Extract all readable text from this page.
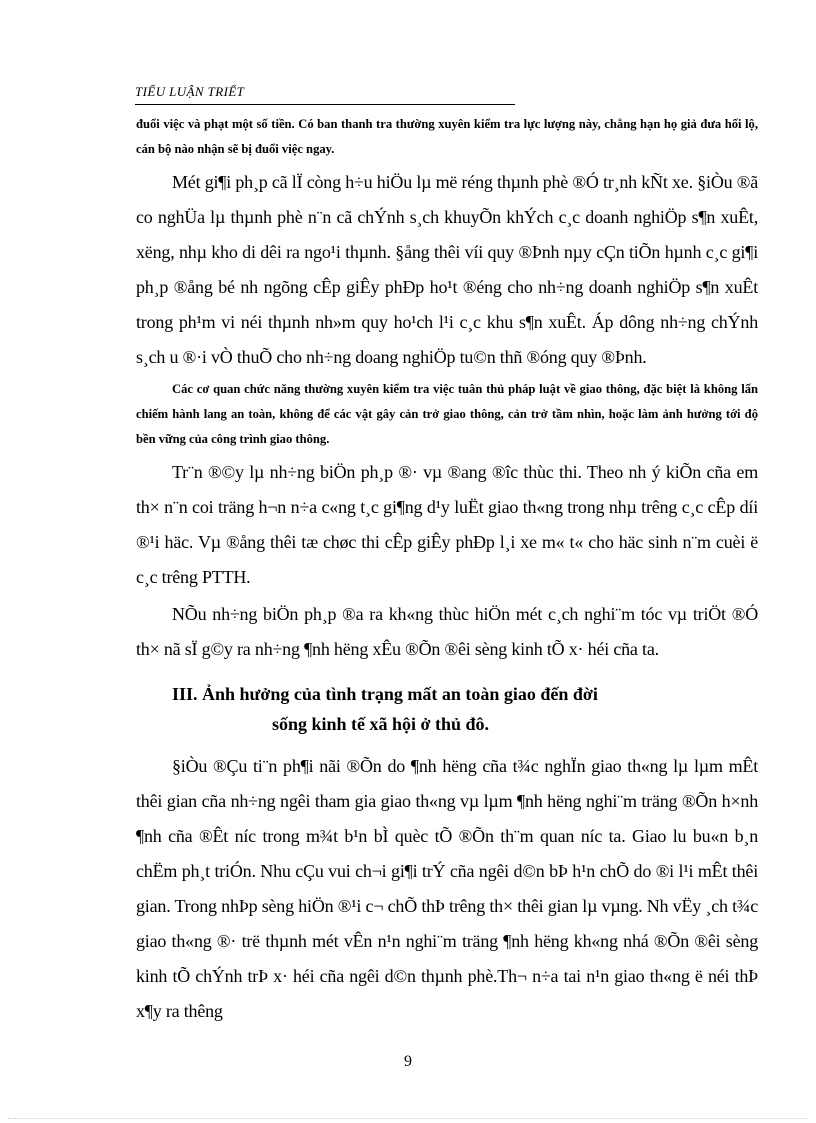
TIỂU LUẬN TRIẾT

đuổi việc và phạt một số tiền. Có ban thanh tra thường xuyên kiểm tra lực lượng này, chẳng hạn họ giả đưa hối lộ, cán bộ nào nhận sẽ bị đuổi việc ngay.

Mét gi¶i ph¸p cã lÏ còng h÷u hiÖu lµ më réng thµnh phè ®Ó tr¸nh kÑt xe. §iÒu ®ã co nghÜa lµ thµnh phè n¨n cã chÝnh s¸ch khuyÕn khÝch c¸c doanh nghiÖp s¶n xuÊt, xëng, nhµ kho di dêi ra ngo¹i thµnh. §ång thêi víi quy ®Þnh nµy cÇn tiÕn hµnh c¸c gi¶i ph¸p ®ång bé nh ngõng cÊp giÊy phÐp ho¹t ®éng cho nh÷ng doanh nghiÖp s¶n xuÊt trong ph¹m vi néi thµnh nh»m quy ho¹ch l¹i c¸c khu s¶n xuÊt. Áp dông nh÷ng chÝnh s¸ch u ®·i vÒ thuÕ cho nh÷ng doang nghiÖp tu©n thñ ®óng quy ®Þnh.

Các cơ quan chức năng thường xuyên kiểm tra việc tuân thủ pháp luật về giao thông, đặc biệt là không lấn chiếm hành lang an toàn, không để các vật gây cản trở giao thông, cản trở tầm nhìn, hoặc làm ảnh hưởng tới độ bền vững của công trình giao thông.

Tr¨n ®©y lµ nh÷ng biÖn ph¸p ®· vµ ®ang ®îc thùc thi. Theo nh ý kiÕn cña em th× n¨n coi träng h¬n n÷a c«ng t¸c gi¶ng d¹y luËt giao th«ng trong nhµ trêng c¸c cÊp díi ®¹i häc. Vµ ®ång thêi tæ chøc thi cÊp giÊy phÐp l¸i xe m« t« cho häc sinh n¨m cuèi ë c¸c trêng PTTH.

NÕu nh÷ng biÖn ph¸p ®a ra kh«ng thùc hiÖn mét c¸ch nghi¨m tóc vµ triÖt ®Ó th× nã sÏ g©y ra nh÷ng ¶nh hëng xÊu ®Õn ®êi sèng kinh tÕ x· héi cña ta.

III. Ảnh hưởng của tình trạng mất an toàn giao đến đời
sống kinh tế xã hội ở thủ đô.

§iÒu ®Çu ti¨n ph¶i nãi ®Õn do ¶nh hëng cña t¾c nghÏn giao th«ng lµ lµm mÊt thêi gian cña nh÷ng ngêi tham gia giao th«ng vµ lµm ¶nh hëng nghi¨m träng ®Õn h×nh ¶nh cña ®Êt níc trong m¾t b¹n bÌ quèc tÕ ®Õn th¨m quan níc ta. Giao lu bu«n b¸n chËm ph¸t triÓn. Nhu cÇu vui ch¬i gi¶i trÝ cña ngêi d©n bÞ h¹n chÕ do ®i l¹i mÊt thêi gian. Trong nhÞp sèng hiÖn ®¹i c¬ chÕ thÞ trêng th× thêi gian lµ vµng. Nh vËy ¸ch t¾c giao th«ng ®· trë thµnh mét vÊn n¹n nghi¨m träng ¶nh hëng kh«ng nhá ®Õn ®êi sèng kinh tÕ chÝnh trÞ x· héi cña ngêi d©n thµnh phè.Th¬ n÷a tai n¹n giao th«ng ë néi thÞ x¶y ra thêng

9
